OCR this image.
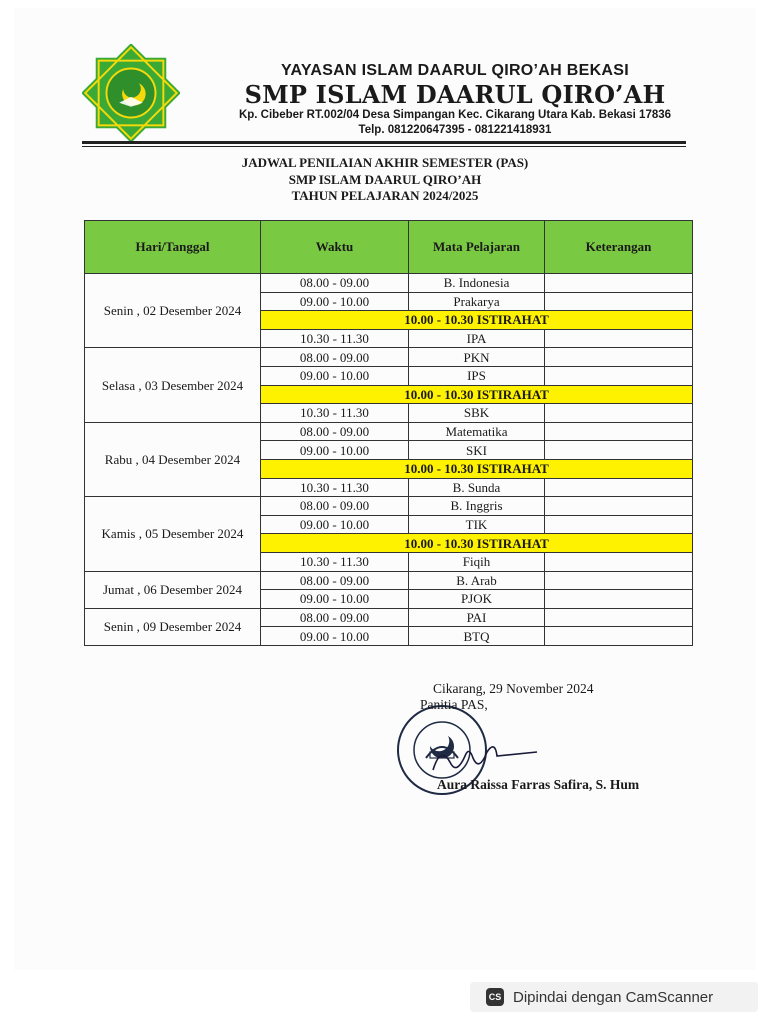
YAYASAN ISLAM DAARUL QIRO’AH BEKASI
SMP ISLAM DAARUL QIRO’AH
Kp. Cibeber RT.002/04 Desa Simpangan Kec. Cikarang Utara Kab. Bekasi 17836
Telp. 081220647395 - 081221418931
JADWAL PENILAIAN AKHIR SEMESTER (PAS)
SMP ISLAM DAARUL QIRO’AH
TAHUN PELAJARAN 2024/2025
Hari/Tanggal	Waktu	Mata Pelajaran	Keterangan
Senin , 02 Desember 2024	08.00 - 09.00	B. Indonesia	
	09.00 - 10.00	Prakarya	
	10.00 - 10.30 ISTIRAHAT		
	10.30 - 11.30	IPA	
Selasa , 03 Desember 2024	08.00 - 09.00	PKN	
	09.00 - 10.00	IPS	
	10.00 - 10.30 ISTIRAHAT		
	10.30 - 11.30	SBK	
Rabu , 04 Desember 2024	08.00 - 09.00	Matematika	
	09.00 - 10.00	SKI	
	10.00 - 10.30 ISTIRAHAT		
	10.30 - 11.30	B. Sunda	
Kamis , 05 Desember 2024	08.00 - 09.00	B. Inggris	
	09.00 - 10.00	TIK	
	10.00 - 10.30 ISTIRAHAT		
	10.30 - 11.30	Fiqih	
Jumat , 06 Desember 2024	08.00 - 09.00	B. Arab	
	09.00 - 10.00	PJOK	
Senin , 09 Desember 2024	08.00 - 09.00	PAI	
	09.00 - 10.00	BTQ	
Cikarang, 29 November 2024
Panitia PAS,
Aura Raissa Farras Safira, S. Hum
CS Dipindai dengan CamScanner
